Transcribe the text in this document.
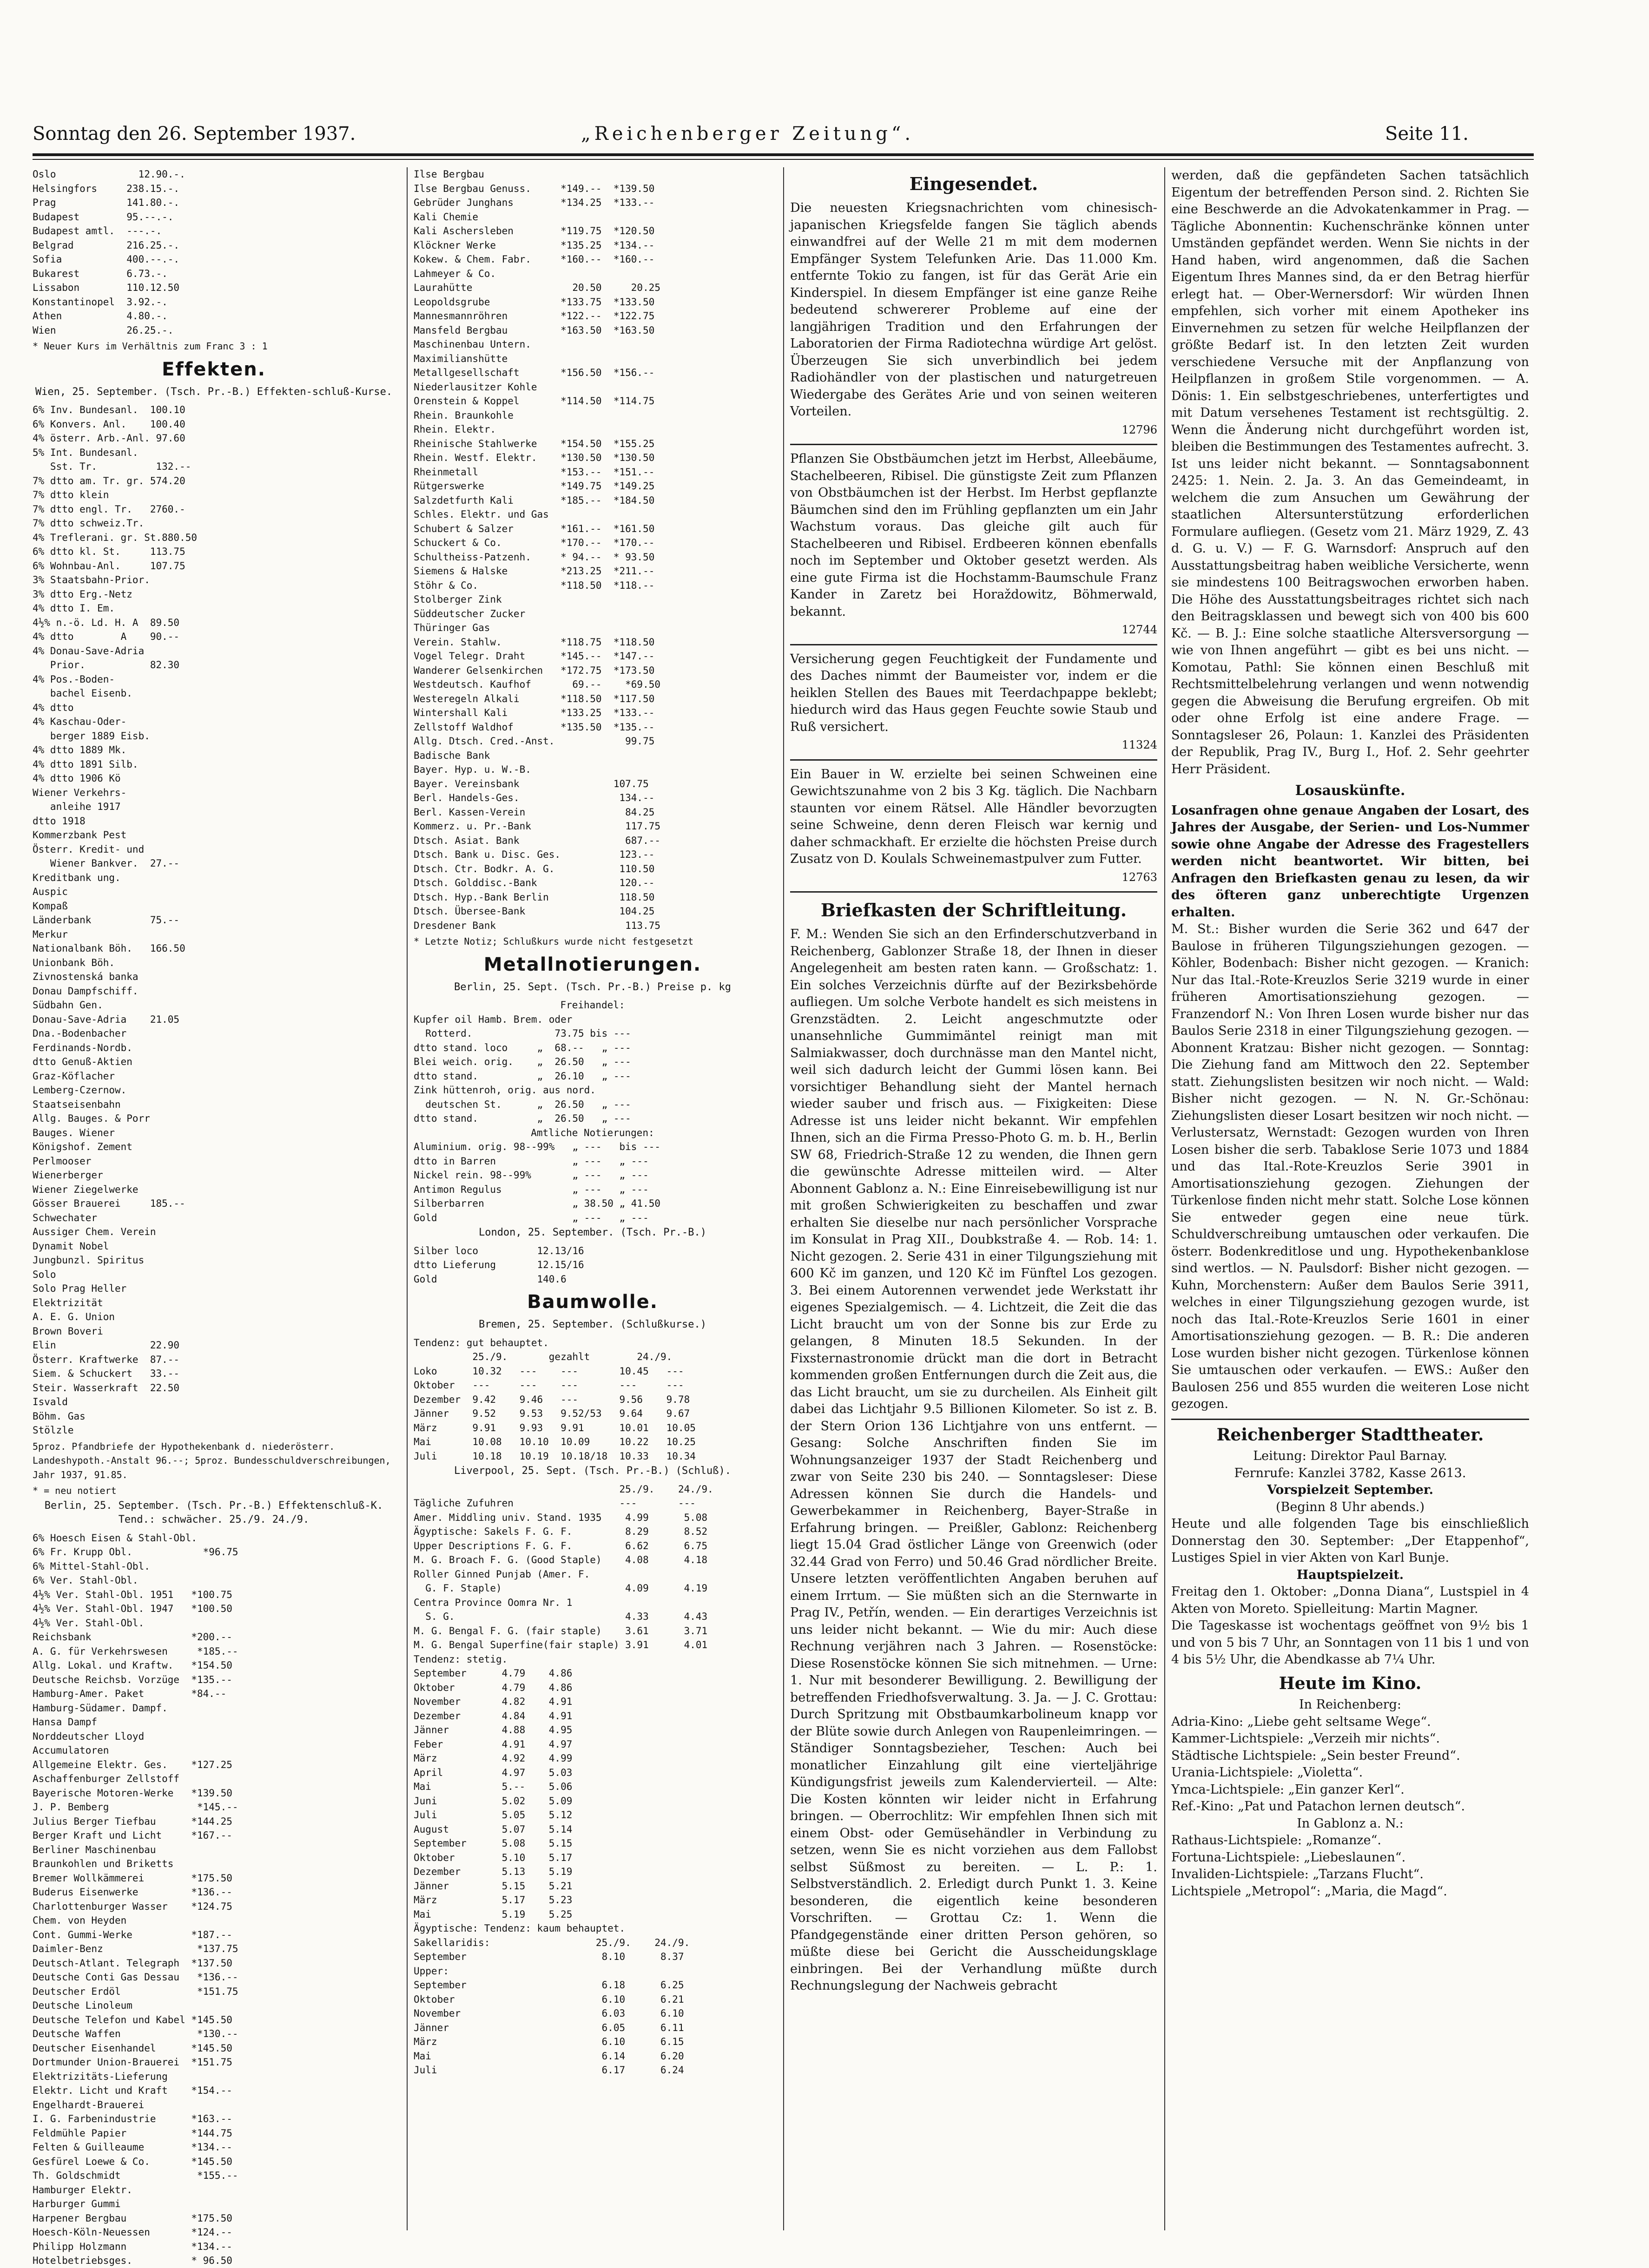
Sonntag den 26. September 1937.	„Reichenberger Zeitung“.	Seite 11.
Oslo              12.90.-.
Helsingfors     238.15.-.
Prag            141.80.-.
Budapest        95.--.-.
Budapest amtl.  ---.-.
Belgrad         216.25.-.
Sofia           400.--.-.
Bukarest        6.73.-.
Lissabon        110.12.50
Konstantinopel  3.92.-.
Athen           4.80.-.
Wien            26.25.-.
* Neuer Kurs im Verhältnis zum Franc 3 : 1
Effekten.
Wien, 25. September. (Tsch. Pr.-B.) Effekten-schluß-Kurse.
6% Inv. Bundesanl.  100.10
6% Konvers. Anl.    100.40
4% österr. Arb.-Anl. 97.60
5% Int. Bundesanl.
Sst. Tr.          132.--
7% dtto am. Tr. gr. 574.20
7% dtto klein
7% dtto engl. Tr.   2760.-
7% dtto schweiz.Tr.
4% Treflerani. gr. St.880.50
6% dtto kl. St.     113.75
6% Wohnbau-Anl.     107.75
3% Staatsbahn-Prior.
3% dtto Erg.-Netz
4% dtto I. Em.
4½% n.-ö. Ld. H. A  89.50
4% dtto        A    90.--
4% Donau-Save-Adria
Prior.           82.30
4% Pos.-Boden-
bachel Eisenb.
4% dtto
4% Kaschau-Oder-
berger 1889 Eisb.
4% dtto 1889 Mk.
4% dtto 1891 Silb.
4% dtto 1906 Kö
Wiener Verkehrs-
anleihe 1917
dtto 1918
Kommerzbank Pest
Österr. Kredit- und
Wiener Bankver.  27.--
Kreditbank ung.
Auspic
Kompaß
Länderbank          75.--
Merkur
Nationalbank Böh.   166.50
Unionbank Böh.
Zivnostenská banka
Donau Dampfschiff.
Südbahn Gen.
Donau-Save-Adria    21.05
Dna.-Bodenbacher
Ferdinands-Nordb.
dtto Genuß-Aktien
Graz-Köflacher
Lemberg-Czernow.
Staatseisenbahn
Allg. Bauges. & Porr
Bauges. Wiener
Königshof. Zement
Perlmooser
Wienerberger
Wiener Ziegelwerke
Gösser Brauerei     185.--
Schwechater
Aussiger Chem. Verein
Dynamit Nobel
Jungbunzl. Spiritus
Solo
Solo Prag Heller
Elektrizität
A. E. G. Union
Brown Boveri
Elin                22.90
Österr. Kraftwerke  87.--
Siem. & Schuckert   33.--
Steir. Wasserkraft  22.50
Isvald
Böhm. Gas
Stölzle
5proz. Pfandbriefe der Hypothekenbank d. niederösterr. Landeshypoth.-Anstalt 96.--; 5proz. Bundesschuldverschreibungen, Jahr 1937, 91.85.
* = neu notiert
Berlin, 25. September. (Tsch. Pr.-B.) Effektenschluß-K. Tend.: schwächer. 25./9. 24./9.
6% Hoesch Eisen & Stahl-Obl.
6% Fr. Krupp Obl.            *96.75
6% Mittel-Stahl-Obl.
6% Ver. Stahl-Obl.
4½% Ver. Stahl-Obl. 1951   *100.75
4½% Ver. Stahl-Obl. 1947   *100.50
4½% Ver. Stahl-Obl.
Reichsbank                 *200.--
A. G. für Verkehrswesen     *185.--
Allg. Lokal. und Kraftw.   *154.50
Deutsche Reichsb. Vorzüge  *135.--
Hamburg-Amer. Paket        *84.--
Hamburg-Südamer. Dampf.
Hansa Dampf
Norddeutscher Lloyd
Accumulatoren
Allgemeine Elektr. Ges.    *127.25
Aschaffenburger Zellstoff
Bayerische Motoren-Werke   *139.50
J. P. Bemberg               *145.--
Julius Berger Tiefbau      *144.25
Berger Kraft und Licht     *167.--
Berliner Maschinenbau
Braunkohlen und Briketts
Bremer Wollkämmerei        *175.50
Buderus Eisenwerke         *136.--
Charlottenburger Wasser    *124.75
Chem. von Heyden
Cont. Gummi-Werke          *187.--
Daimler-Benz                *137.75
Deutsch-Atlant. Telegraph  *137.50
Deutsche Conti Gas Dessau   *136.--
Deutscher Erdöl             *151.75
Deutsche Linoleum
Deutsche Telefon und Kabel *145.50
Deutsche Waffen             *130.--
Deutscher Eisenhandel      *145.50
Dortmunder Union-Brauerei  *151.75
Elektrizitäts-Lieferung
Elektr. Licht und Kraft    *154.--
Engelhardt-Brauerei
I. G. Farbenindustrie      *163.--
Feldmühle Papier           *144.75
Felten & Guilleaume        *134.--
Gesfürel Loewe & Co.       *145.50
Th. Goldschmidt             *155.--
Hamburger Elektr.
Harburger Gummi
Harpener Bergbau           *175.50
Hoesch-Köln-Neuessen       *124.--
Philipp Holzmann           *134.--
Hotelbetriebsges.          * 96.50
Ilse Bergbau
Ilse Bergbau Genuss.     *149.--  *139.50
Gebrüder Junghans        *134.25  *133.--
Kali Chemie
Kali Aschersleben        *119.75  *120.50
Klöckner Werke           *135.25  *134.--
Kokew. & Chem. Fabr.     *160.--  *160.--
Lahmeyer & Co.
Laurahütte                 20.50     20.25
Leopoldsgrube            *133.75  *133.50
Mannesmannröhren         *122.--  *122.75
Mansfeld Bergbau         *163.50  *163.50
Maschinenbau Untern.
Maximilianshütte
Metallgesellschaft       *156.50  *156.--
Niederlausitzer Kohle
Orenstein & Koppel       *114.50  *114.75
Rhein. Braunkohle
Rhein. Elektr.
Rheinische Stahlwerke    *154.50  *155.25
Rhein. Westf. Elektr.    *130.50  *130.50
Rheinmetall              *153.--  *151.--
Rütgerswerke             *149.75  *149.25
Salzdetfurth Kali        *185.--  *184.50
Schles. Elektr. und Gas
Schubert & Salzer        *161.--  *161.50
Schuckert & Co.          *170.--  *170.--
Schultheiss-Patzenh.     * 94.--  * 93.50
Siemens & Halske         *213.25  *211.--
Stöhr & Co.              *118.50  *118.--
Stolberger Zink
Süddeutscher Zucker
Thüringer Gas
Verein. Stahlw.          *118.75  *118.50
Vogel Telegr. Draht      *145.--  *147.--
Wanderer Gelsenkirchen   *172.75  *173.50
Westdeutsch. Kaufhof       69.--    *69.50
Westeregeln Alkali       *118.50  *117.50
Wintershall Kali         *133.25  *133.--
Zellstoff Waldhof        *135.50  *135.--
Allg. Dtsch. Cred.-Anst.            99.75
Badische Bank
Bayer. Hyp. u. W.-B.
Bayer. Vereinsbank                107.75
Berl. Handels-Ges.                 134.--
Berl. Kassen-Verein                 84.25
Kommerz. u. Pr.-Bank                117.75
Dtsch. Asiat. Bank                  687.--
Dtsch. Bank u. Disc. Ges.          123.--
Dtsch. Ctr. Bodkr. A. G.           110.50
Dtsch. Golddisc.-Bank              120.--
Dtsch. Hyp.-Bank Berlin            118.50
Dtsch. Übersee-Bank                104.25
Dresdener Bank                      113.75
* Letzte Notiz; Schlußkurs wurde nicht festgesetzt
Metallnotierungen.
Berlin, 25. Sept. (Tsch. Pr.-B.) Preise p. kg
Freihandel:
Kupfer oil Hamb. Brem. oder
Rotterd.              73.75 bis ---
dtto stand. loco     „  68.--   „ ---
Blei weich. orig.    „  26.50   „ ---
dtto stand.          „  26.10   „ ---
Zink hüttenroh, orig. aus nord.
deutschen St.      „  26.50   „ ---
dtto stand.          „  26.50   „ ---
Amtliche Notierungen:
Aluminium. orig. 98--99%   „ ---   bis ---
dtto in Barren             „ ---   „ ---
Nickel rein. 98--99%       „ ---   „ ---
Antimon Regulus            „ ---   „ ---
Silberbarren               „ 38.50 „ 41.50
Gold                       „ ---   „ ---
London, 25. September. (Tsch. Pr.-B.)
Silber loco          12.13/16
dtto Lieferung       12.15/16
Gold                 140.6
Baumwolle.
Bremen, 25. September. (Schlußkurse.)
Tendenz: gut behauptet.
25./9.       gezahlt        24./9.
Loko      10.32   ---    ---       10.45   ---
Oktober   ---     ---    ---       ---     ---
Dezember  9.42    9.46   ---       9.56    9.78
Jänner    9.52    9.53   9.52/53   9.64    9.67
März      9.91    9.93   9.91      10.01   10.05
Mai       10.08   10.10  10.09     10.22   10.25
Juli      10.18   10.19  10.18/18  10.33   10.34
Liverpool, 25. Sept. (Tsch. Pr.-B.) (Schluß).
25./9.    24./9.
Tägliche Zufuhren                  ---       ---
Amer. Middling univ. Stand. 1935    4.99      5.08
Ägyptische: Sakels F. G. F.         8.29      8.52
Upper Descriptions F. G. F.         6.62      6.75
M. G. Broach F. G. (Good Staple)    4.08      4.18
Roller Ginned Punjab (Amer. F.
G. F. Staple)                     4.09      4.19
Centra Province Oomra Nr. 1
S. G.                             4.33      4.43
M. G. Bengal F. G. (fair staple)    3.61      3.71
M. G. Bengal Superfine(fair staple) 3.91      4.01
Tendenz: stetig.
September      4.79    4.86
Oktober        4.79    4.86
November       4.82    4.91
Dezember       4.84    4.91
Jänner         4.88    4.95
Feber          4.91    4.97
März           4.92    4.99
April          4.97    5.03
Mai            5.--    5.06
Juni           5.02    5.09
Juli           5.05    5.12
August         5.07    5.14
September      5.08    5.15
Oktober        5.10    5.17
Dezember       5.13    5.19
Jänner         5.15    5.21
März           5.17    5.23
Mai            5.19    5.25
Ägyptische: Tendenz: kaum behauptet.
Sakellaridis:                  25./9.    24./9.
September                       8.10      8.37
Upper:
September                       6.18      6.25
Oktober                         6.10      6.21
November                        6.03      6.10
Jänner                          6.05      6.11
März                            6.10      6.15
Mai                             6.14      6.20
Juli                            6.17      6.24
Eingesendet.

Die neuesten Kriegsnachrichten vom chinesisch-japanischen Kriegsfelde fangen Sie täglich abends einwandfrei auf der Welle 21 m mit dem modernen Empfänger System Telefunken Arie. Das 11.000 Km. entfernte Tokio zu fangen, ist für das Gerät Arie ein Kinderspiel. In diesem Empfänger ist eine ganze Reihe bedeutend schwererer Probleme auf eine der langjährigen Tradition und den Erfahrungen der Laboratorien der Firma Radiotechna würdige Art gelöst. Überzeugen Sie sich unverbindlich bei jedem Radiohändler von der plastischen und naturgetreuen Wiedergabe des Gerätes Arie und von seinen weiteren Vorteilen.

12796

Pflanzen Sie Obstbäumchen jetzt im Herbst, Alleebäume, Stachelbeeren, Ribisel. Die günstigste Zeit zum Pflanzen von Obstbäumchen ist der Herbst. Im Herbst gepflanzte Bäumchen sind den im Frühling gepflanzten um ein Jahr Wachstum voraus. Das gleiche gilt auch für Stachelbeeren und Ribisel. Erdbeeren können ebenfalls noch im September und Oktober gesetzt werden. Als eine gute Firma ist die Hochstamm-Baumschule Franz Kander in Zaretz bei Horaždowitz, Böhmerwald, bekannt.

12744

Versicherung gegen Feuchtigkeit der Fundamente und des Daches nimmt der Baumeister vor, indem er die heiklen Stellen des Baues mit Teerdachpappe beklebt; hiedurch wird das Haus gegen Feuchte sowie Staub und Ruß versichert.

11324

Ein Bauer in W. erzielte bei seinen Schweinen eine Gewichtszunahme von 2 bis 3 Kg. täglich. Die Nachbarn staunten vor einem Rätsel. Alle Händler bevorzugten seine Schweine, denn deren Fleisch war kernig und daher schmackhaft. Er erzielte die höchsten Preise durch Zusatz von D. Koulals Schweinemastpulver zum Futter.

12763
Briefkasten der Schriftleitung.

F. M.: Wenden Sie sich an den Erfinderschutzverband in Reichenberg, Gablonzer Straße 18, der Ihnen in dieser Angelegenheit am besten raten kann. — Großschatz: 1. Ein solches Verzeichnis dürfte auf der Bezirksbehörde aufliegen. Um solche Verbote handelt es sich meistens in Grenzstädten. 2. Leicht angeschmutzte oder unansehnliche Gummimäntel reinigt man mit Salmiakwasser, doch durchnässe man den Mantel nicht, weil sich dadurch leicht der Gummi lösen kann. Bei vorsichtiger Behandlung sieht der Mantel hernach wieder sauber und frisch aus. — Fixigkeiten: Diese Adresse ist uns leider nicht bekannt. Wir empfehlen Ihnen, sich an die Firma Presso-Photo G. m. b. H., Berlin SW 68, Friedrich-Straße 12 zu wenden, die Ihnen gern die gewünschte Adresse mitteilen wird. — Alter Abonnent Gablonz a. N.: Eine Einreisebewilligung ist nur mit großen Schwierigkeiten zu beschaffen und zwar erhalten Sie dieselbe nur nach persönlicher Vorsprache im Konsulat in Prag XII., Doubkstraße 4. — Rob. 14: 1. Nicht gezogen. 2. Serie 431 in einer Tilgungsziehung mit 600 Kč im ganzen, und 120 Kč im Fünftel Los gezogen. 3. Bei einem Autorennen verwendet jede Werkstatt ihr eigenes Spezialgemisch. — 4. Lichtzeit, die Zeit die das Licht braucht um von der Sonne bis zur Erde zu gelangen, 8 Minuten 18.5 Sekunden. In der Fixsternastronomie drückt man die dort in Betracht kommenden großen Entfernungen durch die Zeit aus, die das Licht braucht, um sie zu durcheilen. Als Einheit gilt dabei das Lichtjahr 9.5 Billionen Kilometer. So ist z. B. der Stern Orion 136 Lichtjahre von uns entfernt. — Gesang: Solche Anschriften finden Sie im Wohnungsanzeiger 1937 der Stadt Reichenberg und zwar von Seite 230 bis 240. — Sonntagsleser: Diese Adressen können Sie durch die Handels- und Gewerbekammer in Reichenberg, Bayer-Straße in Erfahrung bringen. — Preißler, Gablonz: Reichenberg liegt 15.04 Grad östlicher Länge von Greenwich (oder 32.44 Grad von Ferro) und 50.46 Grad nördlicher Breite. Unsere letzten veröffentlichten Angaben beruhen auf einem Irrtum. — Sie müßten sich an die Sternwarte in Prag IV., Petřín, wenden. — Ein derartiges Verzeichnis ist uns leider nicht bekannt. — Wie du mir: Auch diese Rechnung verjähren nach 3 Jahren. — Rosenstöcke: Diese Rosenstöcke können Sie sich mitnehmen. — Urne: 1. Nur mit besonderer Bewilligung. 2. Bewilligung der betreffenden Friedhofsverwaltung. 3. Ja. — J. C. Grottau: Durch Spritzung mit Obstbaumkarbolineum knapp vor der Blüte sowie durch Anlegen von Raupenleimringen. — Ständiger Sonntagsbezieher, Teschen: Auch bei monatlicher Einzahlung gilt eine vierteljährige Kündigungsfrist jeweils zum Kalendervierteil. — Alte: Die Kosten könnten wir leider nicht in Erfahrung bringen. — Oberrochlitz: Wir empfehlen Ihnen sich mit einem Obst- oder Gemüsehändler in Verbindung zu setzen, wenn Sie es nicht vorziehen aus dem Fallobst selbst Süßmost zu bereiten. — L. P.: 1. Selbstverständlich. 2. Erledigt durch Punkt 1. 3. Keine besonderen, die eigentlich keine besonderen Vorschriften. — Grottau Cz: 1. Wenn die Pfandgegenstände einer dritten Person gehören, so müßte diese bei Gericht die Ausscheidungsklage einbringen. Bei der Verhandlung müßte durch Rechnungslegung der Nachweis gebracht

werden, daß die gepfändeten Sachen tatsächlich Eigentum der betreffenden Person sind. 2. Richten Sie eine Beschwerde an die Advokatenkammer in Prag. — Tägliche Abonnentin: Kuchenschränke können unter Umständen gepfändet werden. Wenn Sie nichts in der Hand haben, wird angenommen, daß die Sachen Eigentum Ihres Mannes sind, da er den Betrag hierfür erlegt hat. — Ober-Wernersdorf: Wir würden Ihnen empfehlen, sich vorher mit einem Apotheker ins Einvernehmen zu setzen für welche Heilpflanzen der größte Bedarf ist. In den letzten Zeit wurden verschiedene Versuche mit der Anpflanzung von Heilpflanzen in großem Stile vorgenommen. — A. Dönis: 1. Ein selbstgeschriebenes, unterfertigtes und mit Datum versehenes Testament ist rechtsgültig. 2. Wenn die Änderung nicht durchgeführt worden ist, bleiben die Bestimmungen des Testamentes aufrecht. 3. Ist uns leider nicht bekannt. — Sonntagsabonnent 2425: 1. Nein. 2. Ja. 3. An das Gemeindeamt, in welchem die zum Ansuchen um Gewährung der staatlichen Altersunterstützung erforderlichen Formulare aufliegen. (Gesetz vom 21. März 1929, Z. 43 d. G. u. V.) — F. G. Warnsdorf: Anspruch auf den Ausstattungsbeitrag haben weibliche Versicherte, wenn sie mindestens 100 Beitragswochen erworben haben. Die Höhe des Ausstattungsbeitrages richtet sich nach den Beitragsklassen und bewegt sich von 400 bis 600 Kč. — B. J.: Eine solche staatliche Altersversorgung — wie von Ihnen angeführt — gibt es bei uns nicht. — Komotau, Pathl: Sie können einen Beschluß mit Rechtsmittelbelehrung verlangen und wenn notwendig gegen die Abweisung die Berufung ergreifen. Ob mit oder ohne Erfolg ist eine andere Frage. — Sonntagsleser 26, Polaun: 1. Kanzlei des Präsidenten der Republik, Prag IV., Burg I., Hof. 2. Sehr geehrter Herr Präsident.

Losauskünfte.

Losanfragen ohne genaue Angaben der Losart, des Jahres der Ausgabe, der Serien- und Los-Nummer sowie ohne Angabe der Adresse des Fragestellers werden nicht beantwortet. Wir bitten, bei Anfragen den Briefkasten genau zu lesen, da wir des öfteren ganz unberechtigte Urgenzen erhalten.

M. St.: Bisher wurden die Serie 362 und 647 der Baulose in früheren Tilgungsziehungen gezogen. — Köhler, Bodenbach: Bisher nicht gezogen. — Kranich: Nur das Ital.-Rote-Kreuzlos Serie 3219 wurde in einer früheren Amortisationsziehung gezogen. — Franzendorf N.: Von Ihren Losen wurde bisher nur das Baulos Serie 2318 in einer Tilgungsziehung gezogen. — Abonnent Kratzau: Bisher nicht gezogen. — Sonntag: Die Ziehung fand am Mittwoch den 22. September statt. Ziehungslisten besitzen wir noch nicht. — Wald: Bisher nicht gezogen. — N. N. Gr.-Schönau: Ziehungslisten dieser Losart besitzen wir noch nicht. — Verlustersatz, Wernstadt: Gezogen wurden von Ihren Losen bisher die serb. Tabaklose Serie 1073 und 1884 und das Ital.-Rote-Kreuzlos Serie 3901 in Amortisationsziehung gezogen. Ziehungen der Türkenlose finden nicht mehr statt. Solche Lose können Sie entweder gegen eine neue türk. Schuldverschreibung umtauschen oder verkaufen. Die österr. Bodenkreditlose und ung. Hypothekenbanklose sind wertlos. — N. Paulsdorf: Bisher nicht gezogen. — Kuhn, Morchenstern: Außer dem Baulos Serie 3911, welches in einer Tilgungsziehung gezogen wurde, ist noch das Ital.-Rote-Kreuzlos Serie 1601 in einer Amortisationsziehung gezogen. — B. R.: Die anderen Lose wurden bisher nicht gezogen. Türkenlose können Sie umtauschen oder verkaufen. — EWS.: Außer den Baulosen 256 und 855 wurden die weiteren Lose nicht gezogen.

Reichenberger Stadttheater.
Leitung: Direktor Paul Barnay.
Fernrufe: Kanzlei 3782, Kasse 2613.
Vorspielzeit September.
(Beginn 8 Uhr abends.)

Heute und alle folgenden Tage bis einschließlich Donnerstag den 30. September: „Der Etappenhof“, Lustiges Spiel in vier Akten von Karl Bunje.

Hauptspielzeit.

Freitag den 1. Oktober: „Donna Diana“, Lustspiel in 4 Akten von Moreto. Spielleitung: Martin Magner.

Die Tageskasse ist wochentags geöffnet von 9½ bis 1 und von 5 bis 7 Uhr, an Sonntagen von 11 bis 1 und von 4 bis 5½ Uhr, die Abendkasse ab 7¼ Uhr.

Heute im Kino.
In Reichenberg:
Adria-Kino: „Liebe geht seltsame Wege“.
Kammer-Lichtspiele: „Verzeih mir nichts“.
Städtische Lichtspiele: „Sein bester Freund“.
Urania-Lichtspiele: „Violetta“.
Ymca-Lichtspiele: „Ein ganzer Kerl“.
Ref.-Kino: „Pat und Patachon lernen deutsch“.
In Gablonz a. N.:
Rathaus-Lichtspiele: „Romanze“.
Fortuna-Lichtspiele: „Liebeslaunen“.
Invaliden-Lichtspiele: „Tarzans Flucht“.
Lichtspiele „Metropol“: „Maria, die Magd“.
